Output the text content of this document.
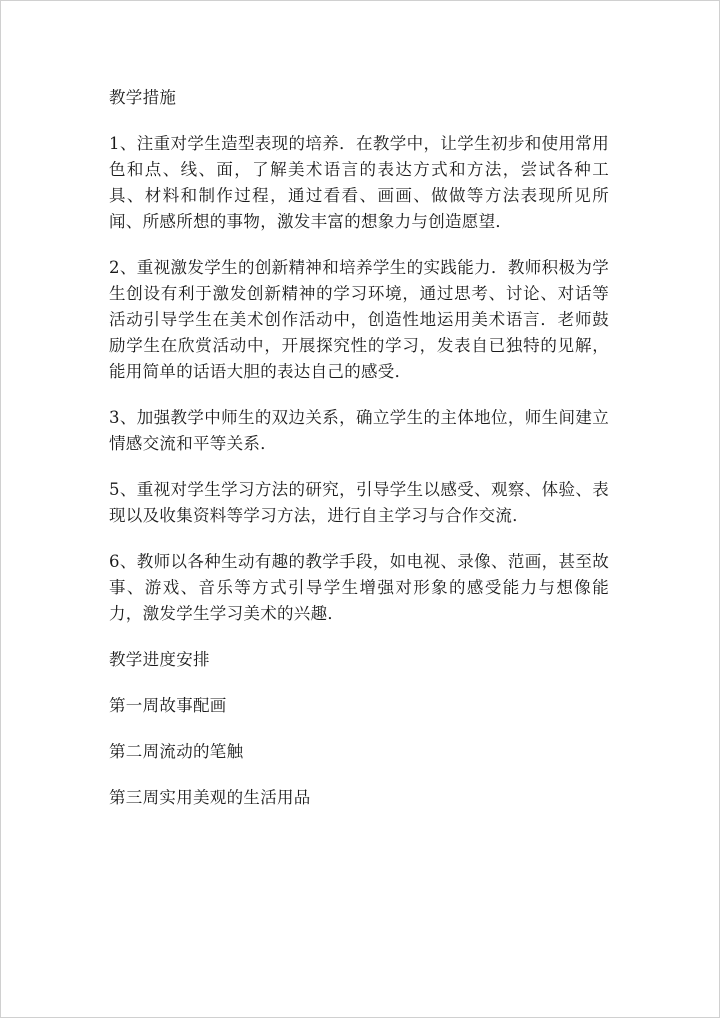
教学措施
1、注重对学生造型表现的培养．在教学中，让学生初步和使用常用色和点、线、面，了解美术语言的表达方式和方法，尝试各种工具、材料和制作过程，通过看看、画画、做做等方法表现所见所闻、所感所想的事物，激发丰富的想象力与创造愿望．
2、重视激发学生的创新精神和培养学生的实践能力．教师积极为学生创设有利于激发创新精神的学习环境，通过思考、讨论、对话等活动引导学生在美术创作活动中，创造性地运用美术语言．老师鼓励学生在欣赏活动中，开展探究性的学习，发表自已独特的见解，能用简单的话语大胆的表达自己的感受．
3、加强教学中师生的双边关系，确立学生的主体地位，师生间建立情感交流和平等关系．
5、重视对学生学习方法的研究，引导学生以感受、观察、体验、表现以及收集资料等学习方法，进行自主学习与合作交流．
6、教师以各种生动有趣的教学手段，如电视、录像、范画，甚至故事、游戏、音乐等方式引导学生增强对形象的感受能力与想像能力，激发学生学习美术的兴趣．
教学进度安排
第一周故事配画
第二周流动的笔触
第三周实用美观的生活用品
